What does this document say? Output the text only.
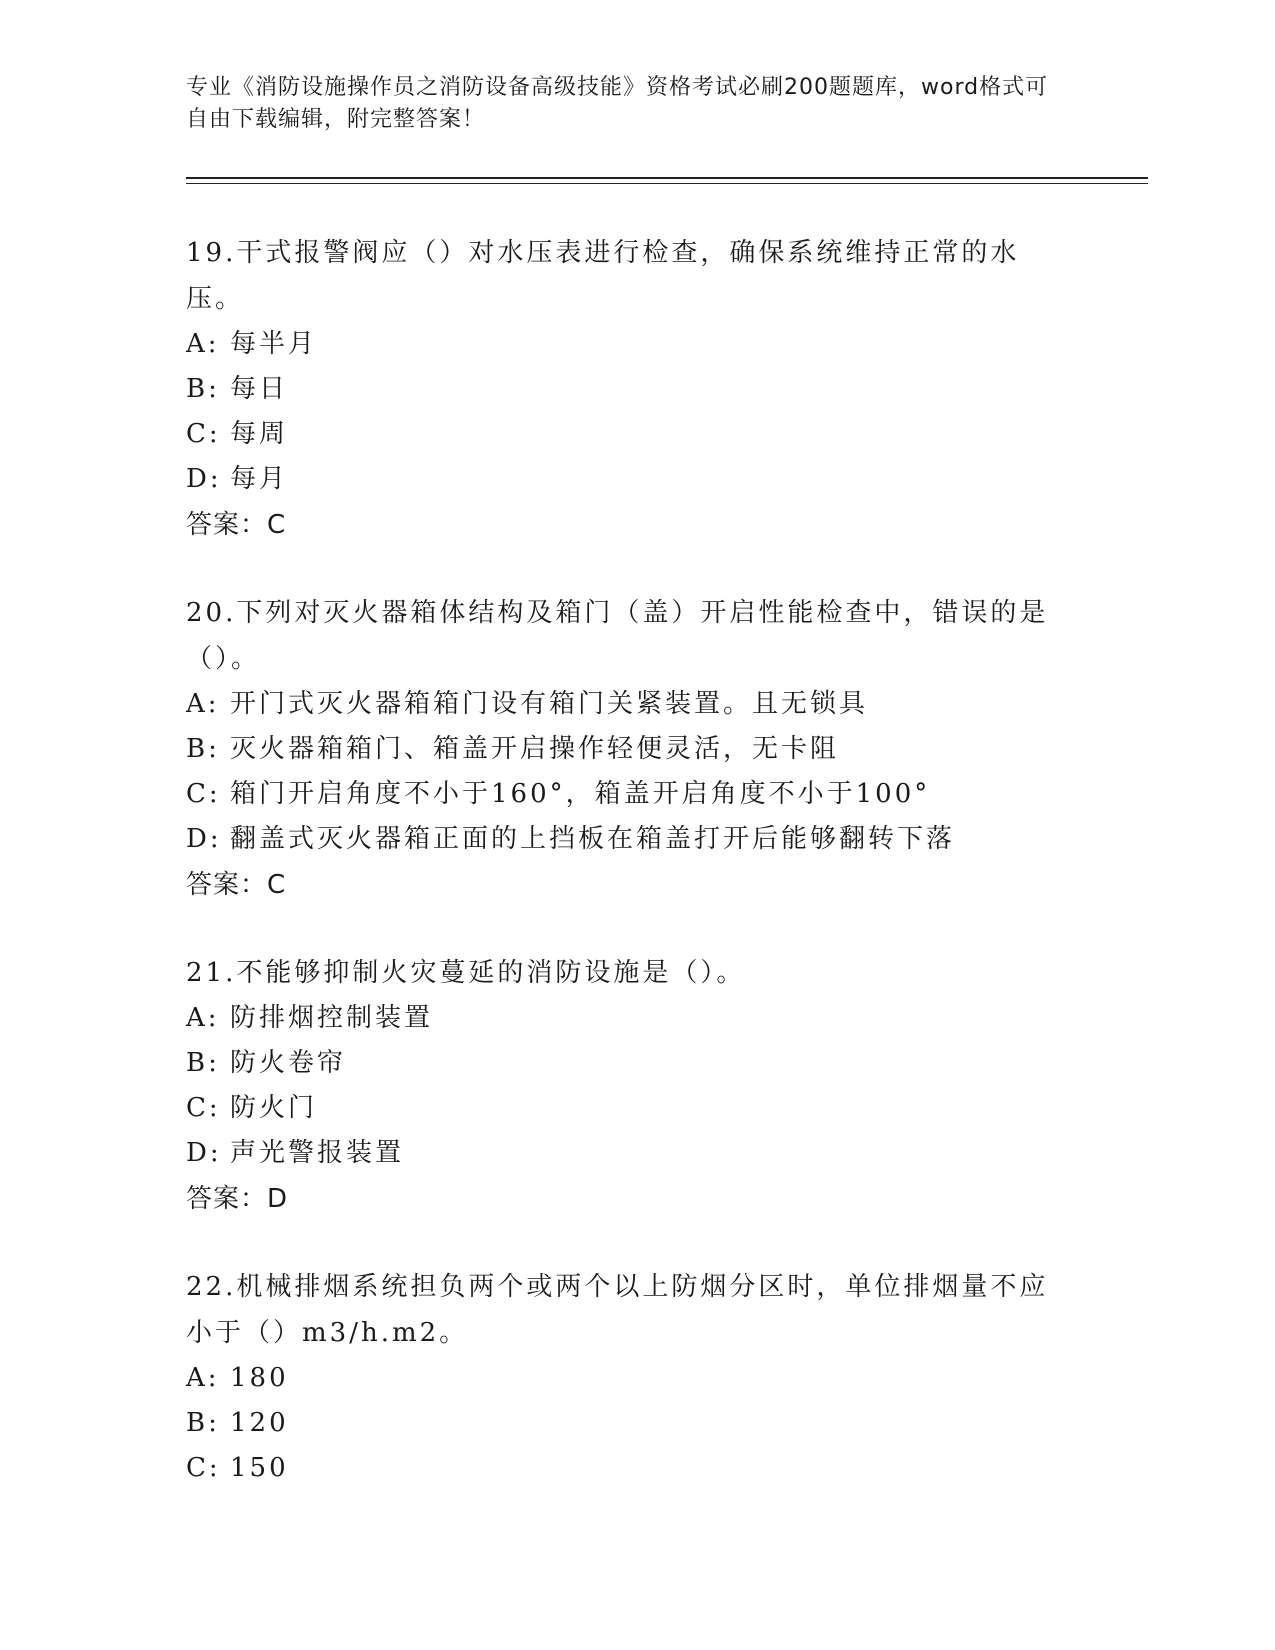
专业《消防设施操作员之消防设备高级技能》资格考试必刷200题题库，word格式可自由下载编辑，附完整答案！

19.干式报警阀应（）对水压表进行检查，确保系统维持正常的水压。

A: 每半月

B: 每日

C: 每周

D: 每月

答案：C

20.下列对灭火器箱体结构及箱门（盖）开启性能检查中，错误的是（）。

A: 开门式灭火器箱箱门设有箱门关紧装置。且无锁具

B: 灭火器箱箱门、箱盖开启操作轻便灵活，无卡阻

C: 箱门开启角度不小于160°，箱盖开启角度不小于100°

D: 翻盖式灭火器箱正面的上挡板在箱盖打开后能够翻转下落

答案：C

21.不能够抑制火灾蔓延的消防设施是（）。

A: 防排烟控制装置

B: 防火卷帘

C: 防火门

D: 声光警报装置

答案：D

22.机械排烟系统担负两个或两个以上防烟分区时，单位排烟量不应小于（）m3/h.m2。

A: 180

B: 120

C: 150
